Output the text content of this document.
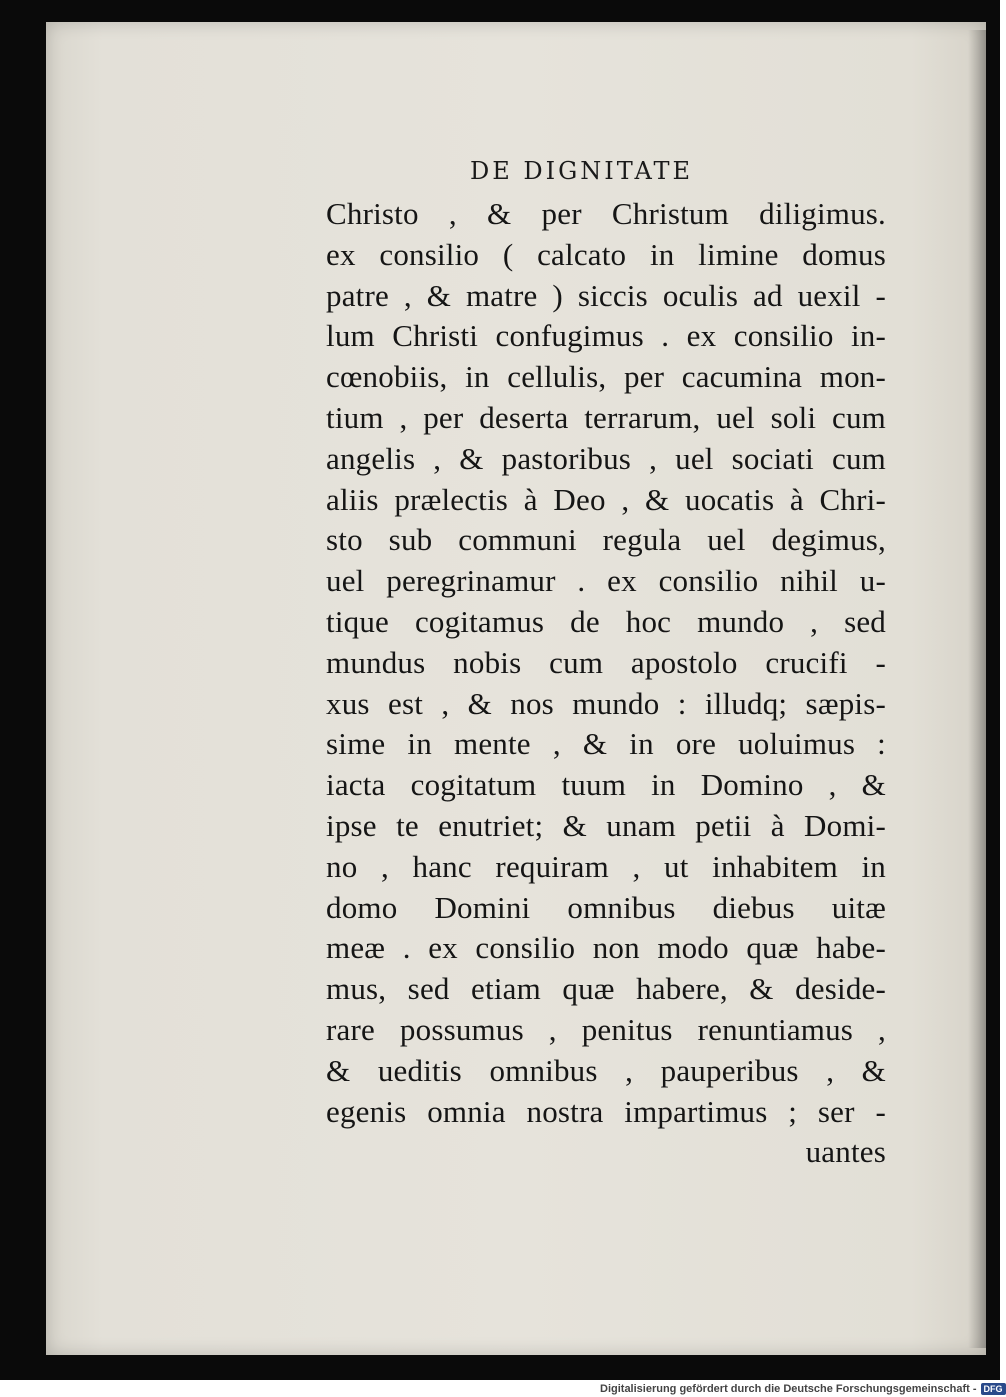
DE DIGNITATE
Christo , & per Christum diligimus.
ex consilio ( calcato in limine domus
patre , & matre ) siccis oculis ad uexil -
lum Christi confugimus . ex consilio in-
cœnobiis, in cellulis, per cacumina mon-
tium , per deserta terrarum, uel soli cum
angelis , & pastoribus , uel sociati cum
aliis prælectis à Deo , & uocatis à Chri-
sto sub communi regula uel degimus,
uel peregrinamur . ex consilio nihil u-
tique cogitamus de hoc mundo , sed
mundus nobis cum apostolo crucifi -
xus est , & nos mundo : illudq; sæpis-
sime in mente , & in ore uoluimus :
iacta cogitatum tuum in Domino , &
ipse te enutriet; & unam petii à Domi-
no , hanc requiram , ut inhabitem in
domo Domini omnibus diebus uitæ
meæ . ex consilio non modo quæ habe-
mus, sed etiam quæ habere, & deside-
rare possumus , penitus renuntiamus ,
& ueditis omnibus , pauperibus , &
egenis omnia nostra impartimus ; ser -
uantes
Digitalisierung gefördert durch die Deutsche Forschungsgemeinschaft - DFG
